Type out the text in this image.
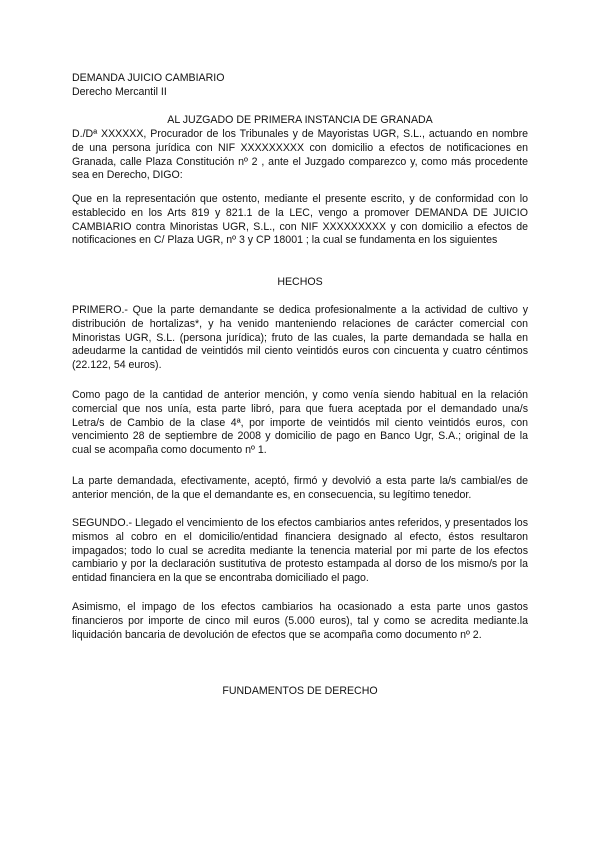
DEMANDA JUICIO CAMBIARIO
Derecho Mercantil II
AL JUZGADO DE PRIMERA INSTANCIA DE GRANADA

D./Dª XXXXXX, Procurador de los Tribunales y de Mayoristas UGR, S.L., actuando en nombre de una persona jurídica con NIF XXXXXXXXX con domicilio a efectos de notificaciones en Granada, calle Plaza Constitución nº 2 , ante el Juzgado comparezco y, como más procedente sea en Derecho, DIGO:

Que en la representación que ostento, mediante el presente escrito, y de conformidad con lo establecido en los Arts 819 y 821.1 de la LEC, vengo a promover DEMANDA DE JUICIO CAMBIARIO contra Minoristas UGR, S.L., con NIF XXXXXXXXX y con domicilio a efectos de notificaciones en C/ Plaza UGR, nº 3 y CP 18001 ; la cual se fundamenta en los siguientes

HECHOS

PRIMERO.- Que la parte demandante se dedica profesionalmente a la actividad de cultivo y distribución de hortalizas*, y ha venido manteniendo relaciones de carácter comercial con Minoristas UGR, S.L. (persona jurídica); fruto de las cuales, la parte demandada se halla en adeudarme la cantidad de veintidós mil ciento veintidós euros con cincuenta y cuatro céntimos (22.122, 54 euros).

Como pago de la cantidad de anterior mención, y como venía siendo habitual en la relación comercial que nos unía, esta parte libró, para que fuera aceptada por el demandado una/s Letra/s de Cambio de la clase 4ª, por importe de veintidós mil ciento veintidós euros, con vencimiento 28 de septiembre de 2008 y domicilio de pago en Banco Ugr, S.A.; original de la cual se acompaña como documento nº 1.

La parte demandada, efectivamente, aceptó, firmó y devolvió a esta parte la/s cambial/es de anterior mención, de la que el demandante es, en consecuencia, su legítimo tenedor.

SEGUNDO.- Llegado el vencimiento de los efectos cambiarios antes referidos, y presentados los mismos al cobro en el domicilio/entidad financiera designado al efecto, éstos resultaron impagados; todo lo cual se acredita mediante la tenencia material por mi parte de los efectos cambiario y por la declaración sustitutiva de protesto estampada al dorso de los mismo/s por la entidad financiera en la que se encontraba domiciliado el pago.

Asimismo, el impago de los efectos cambiarios ha ocasionado a esta parte unos gastos financieros por importe de cinco mil euros (5.000 euros), tal y como se acredita mediante.la liquidación bancaria de devolución de efectos que se acompaña como documento nº 2.

FUNDAMENTOS DE DERECHO
